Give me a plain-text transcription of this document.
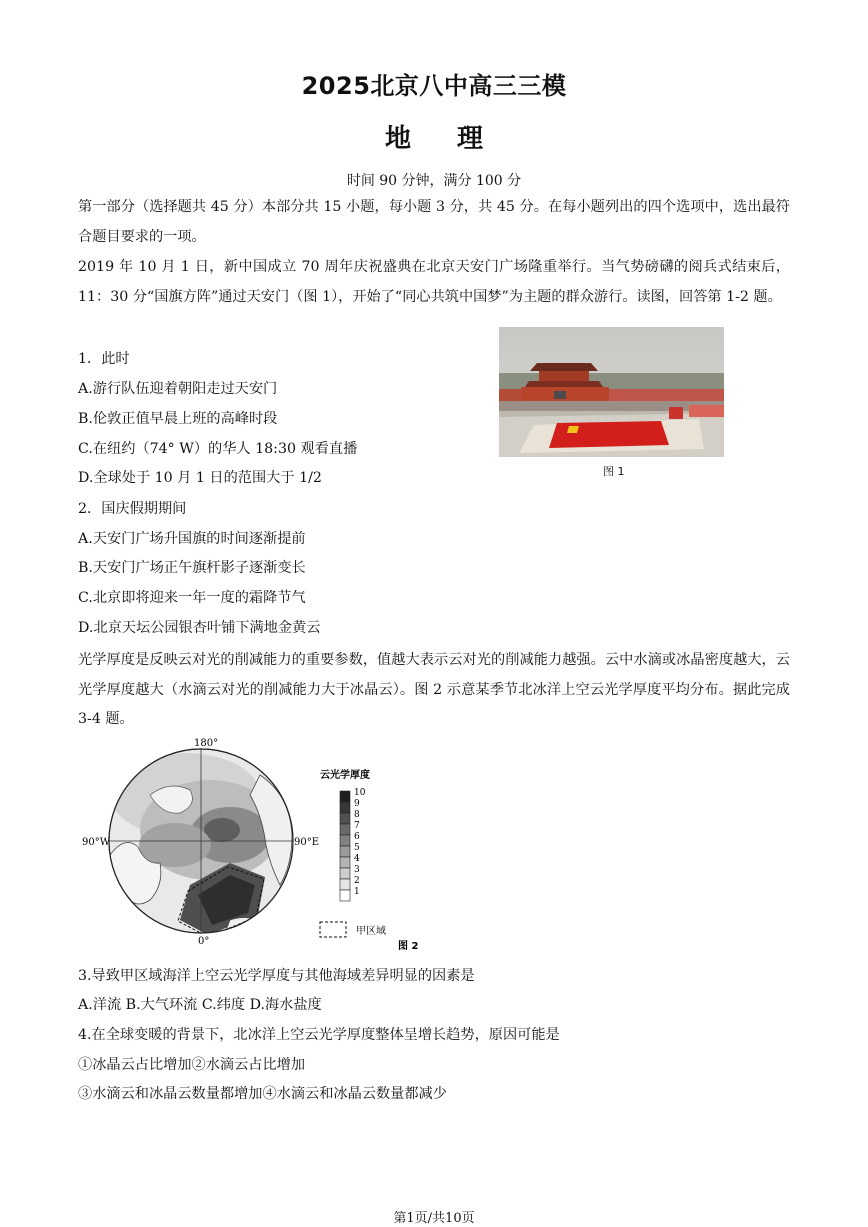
2025北京八中高三三模
地理
时间 90 分钟，满分 100 分
第一部分（选择题共 45 分）本部分共 15 小题，每小题 3 分，共 45 分。在每小题列出的四个选项中，选出最符合题目要求的一项。
2019 年 10 月 1 日，新中国成立 70 周年庆祝盛典在北京天安门广场隆重举行。当气势磅礴的阅兵式结束后，11：30 分“国旗方阵”通过天安门（图 1），开始了“同心共筑中国梦”为主题的群众游行。读图，回答第 1-2 题。
1．此时
A.游行队伍迎着朝阳走过天安门
B.伦敦正值早晨上班的高峰时段
C.在纽约（74° W）的华人 18:30 观看直播
D.全球处于 10 月 1 日的范围大于 1/2	图 1
2．国庆假期期间
A.天安门广场升国旗的时间逐渐提前
B.天安门广场正午旗杆影子逐渐变长
C.北京即将迎来一年一度的霜降节气
D.北京天坛公园银杏叶铺下满地金黄云
光学厚度是反映云对光的削减能力的重要参数，值越大表示云对光的削减能力越强。云中水滴或冰晶密度越大，云光学厚度越大（水滴云对光的削减能力大于冰晶云）。图 2 示意某季节北冰洋上空云光学厚度平均分布。据此完成 3-4 题。
180°
90°W	90°E
0°
云光学厚度
10
9
8
7
6
5
4
3
2
1
甲区域
图 2
3.导致甲区域海洋上空云光学厚度与其他海域差异明显的因素是
A.洋流 B.大气环流 C.纬度 D.海水盐度
4.在全球变暖的背景下，北冰洋上空云光学厚度整体呈增长趋势，原因可能是
①冰晶云占比增加②水滴云占比增加
③水滴云和冰晶云数量都增加④水滴云和冰晶云数量都减少
第1页/共10页
